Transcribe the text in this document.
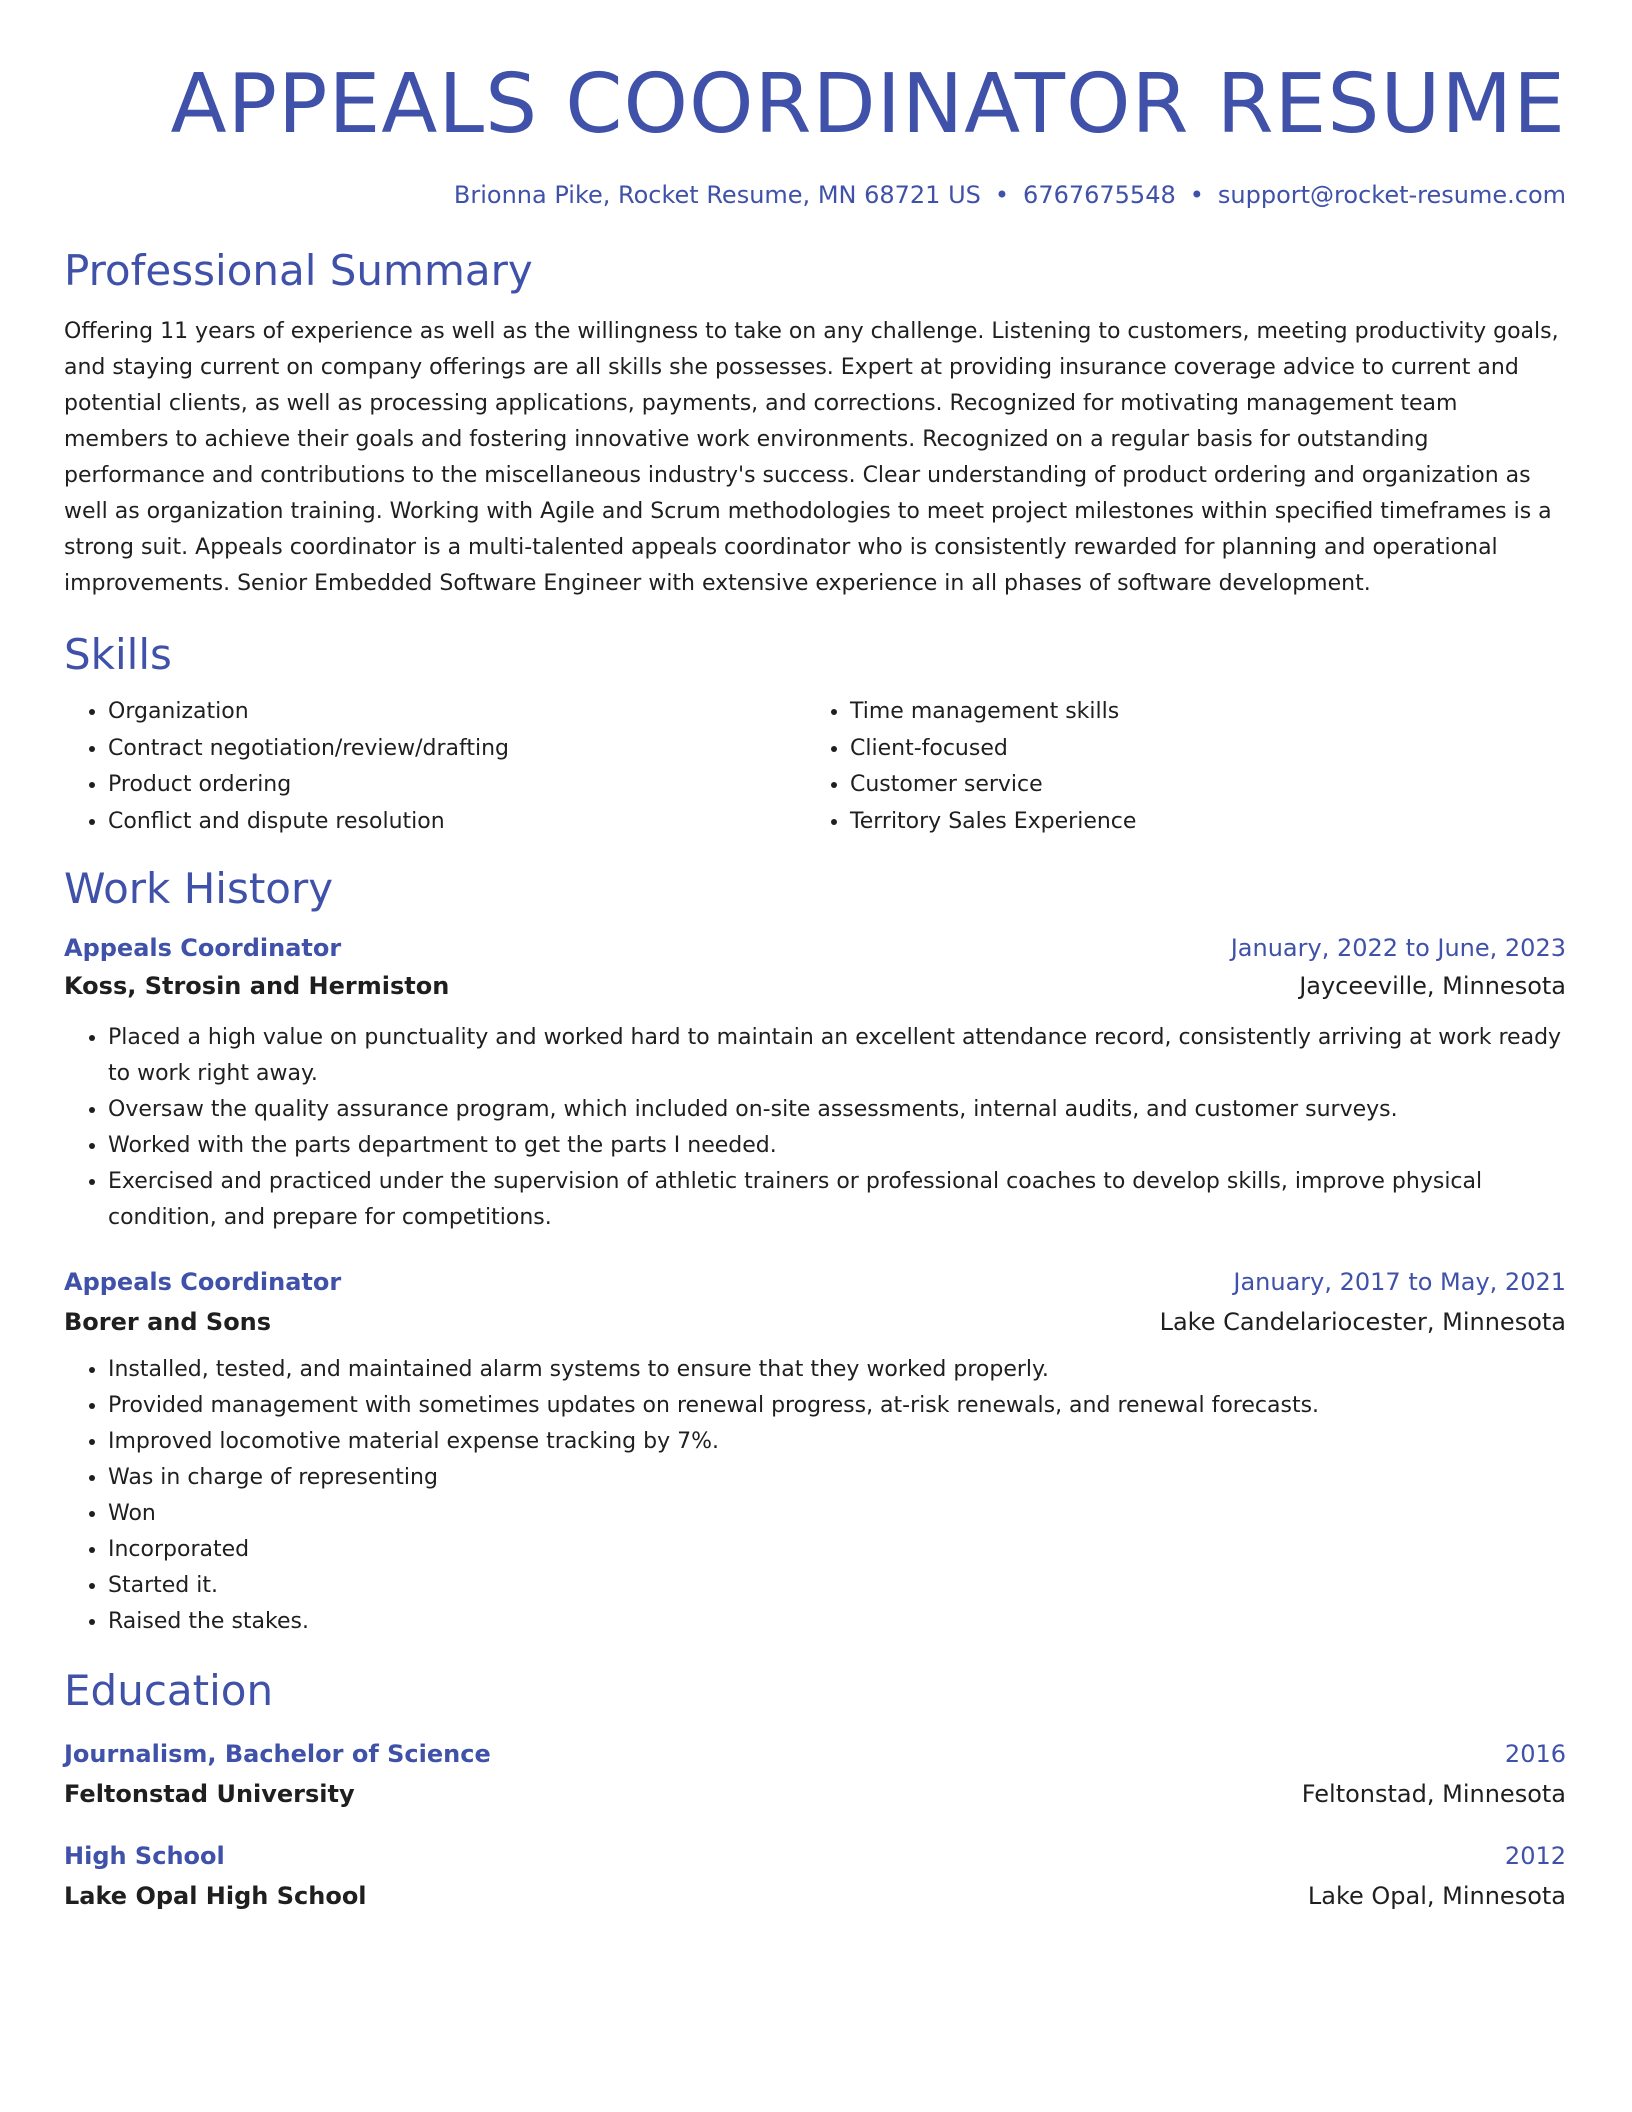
APPEALS COORDINATOR RESUME
Brionna Pike, Rocket Resume, MN 68721 US • 6767675548 • support@rocket-resume.com
Professional Summary

Offering 11 years of experience as well as the willingness to take on any challenge. Listening to customers, meeting productivity goals, and staying current on company offerings are all skills she possesses. Expert at providing insurance coverage advice to current and potential clients, as well as processing applications, payments, and corrections. Recognized for motivating management team members to achieve their goals and fostering innovative work environments. Recognized on a regular basis for outstanding performance and contributions to the miscellaneous industry's success. Clear understanding of product ordering and organization as well as organization training. Working with Agile and Scrum methodologies to meet project milestones within specified timeframes is a strong suit. Appeals coordinator is a multi-talented appeals coordinator who is consistently rewarded for planning and operational improvements. Senior Embedded Software Engineer with extensive experience in all phases of software development.

Skills
• Organization
• Contract negotiation/review/drafting
• Product ordering
• Conflict and dispute resolution
• Time management skills
• Client-focused
• Customer service
• Territory Sales Experience
Work History
Appeals Coordinator	January, 2022 to June, 2023
Koss, Strosin and Hermiston	Jayceeville, Minnesota
• Placed a high value on punctuality and worked hard to maintain an excellent attendance record, consistently arriving at work ready to work right away.
• Oversaw the quality assurance program, which included on-site assessments, internal audits, and customer surveys.
• Worked with the parts department to get the parts I needed.
• Exercised and practiced under the supervision of athletic trainers or professional coaches to develop skills, improve physical condition, and prepare for competitions.
Appeals Coordinator	January, 2017 to May, 2021
Borer and Sons	Lake Candelariocester, Minnesota
• Installed, tested, and maintained alarm systems to ensure that they worked properly.
• Provided management with sometimes updates on renewal progress, at-risk renewals, and renewal forecasts.
• Improved locomotive material expense tracking by 7%.
• Was in charge of representing
• Won
• Incorporated
• Started it.
• Raised the stakes.
Education
Journalism, Bachelor of Science	2016
Feltonstad University	Feltonstad, Minnesota
High School	2012
Lake Opal High School	Lake Opal, Minnesota
